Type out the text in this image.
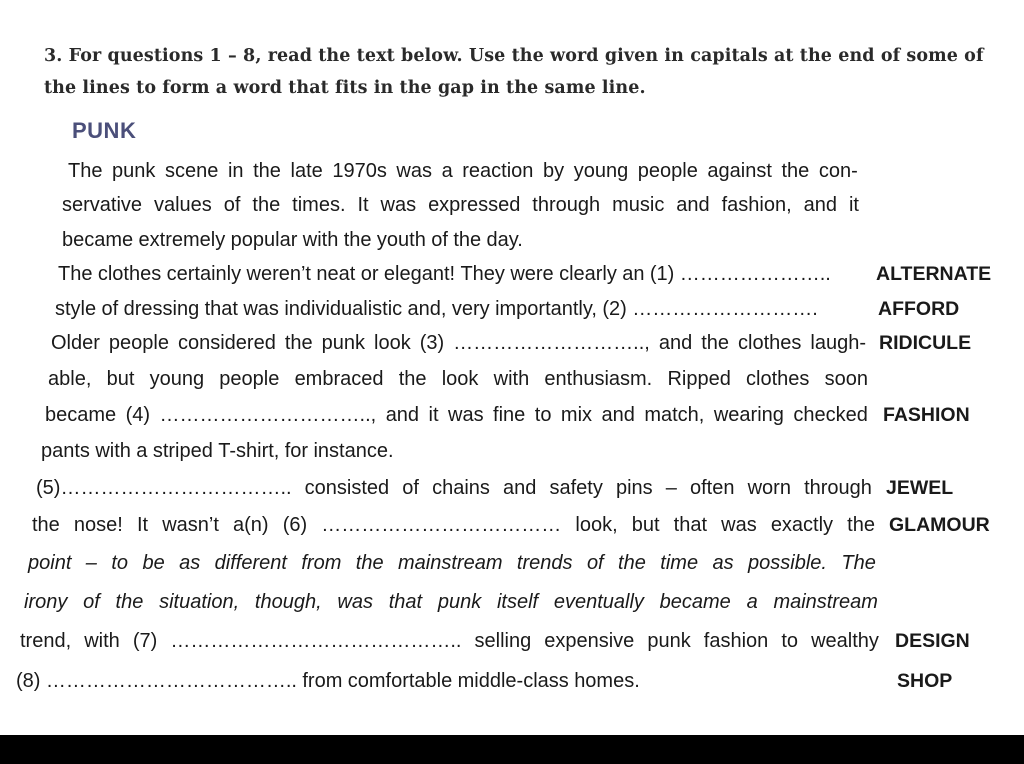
3. For questions 1 – 8, read the text below. Use the word given in capitals at the end of some of
the lines to form a word that fits in the gap in the same line.
PUNK
The punk scene in the late 1970s was a reaction by young people against the con-
servative values of the times. It was expressed through music and fashion, and it
became extremely popular with the youth of the day.
The clothes certainly weren’t neat or elegant! They were clearly an (1) …………………..
style of dressing that was individualistic and, very importantly, (2) ……………………….
Older people considered the punk look (3) ……………………….., and the clothes laugh-
able, but young people embraced the look with enthusiasm. Ripped clothes soon
became (4) ………………………….., and it was fine to mix and match, wearing checked
pants with a striped T-shirt, for instance.
(5)…………………………….. consisted of chains and safety pins – often worn through
the nose! It wasn’t a(n) (6) ……………………………… look, but that was exactly the
point – to be as different from the mainstream trends of the time as possible. The
irony of the situation, though, was that punk itself eventually became a mainstream
trend, with (7) …………………………………….. selling expensive punk fashion to wealthy
(8) ……………………………….. from comfortable middle-class homes.
ALTERNATE
AFFORD
RIDICULE
FASHION
JEWEL
GLAMOUR
DESIGN
SHOP
